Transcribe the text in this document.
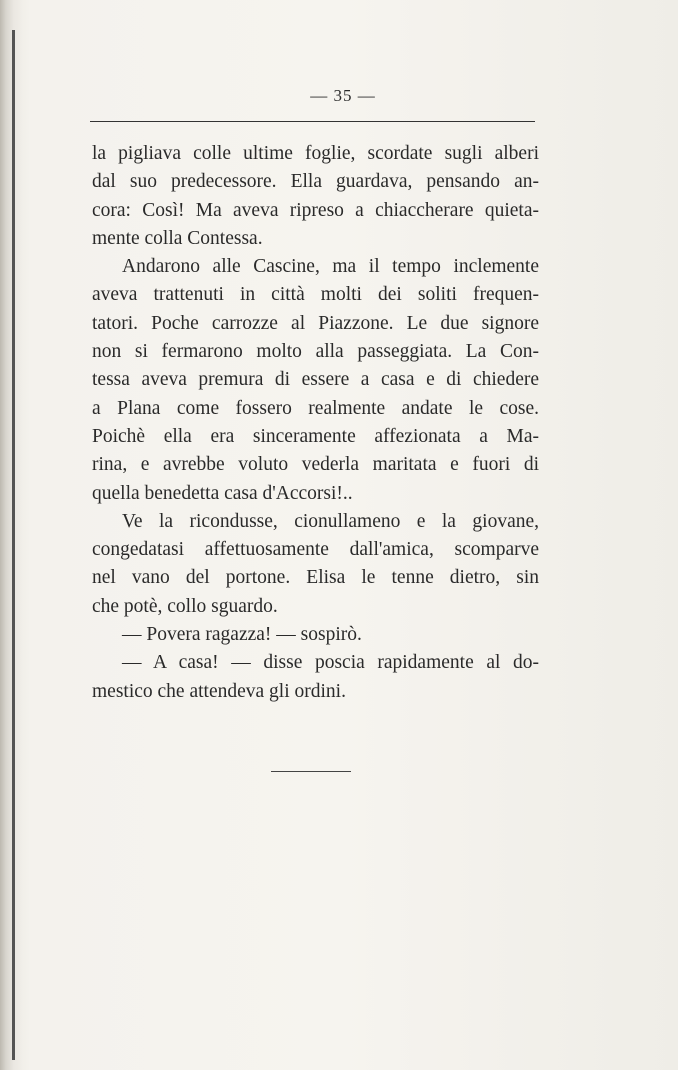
— 35 —
la pigliava colle ultime foglie, scordate sugli alberi
dal suo predecessore. Ella guardava, pensando an-
cora: Così! Ma aveva ripreso a chiaccherare quieta-
mente colla Contessa.
Andarono alle Cascine, ma il tempo inclemente
aveva trattenuti in città molti dei soliti frequen-
tatori. Poche carrozze al Piazzone. Le due signore
non si fermarono molto alla passeggiata. La Con-
tessa aveva premura di essere a casa e di chiedere
a Plana come fossero realmente andate le cose.
Poichè ella era sinceramente affezionata a Ma-
rina, e avrebbe voluto vederla maritata e fuori di
quella benedetta casa d'Accorsi!..
Ve la ricondusse, cionullameno e la giovane,
congedatasi affettuosamente dall'amica, scomparve
nel vano del portone. Elisa le tenne dietro, sin
che potè, collo sguardo.
— Povera ragazza! — sospirò.
— A casa! — disse poscia rapidamente al do-
mestico che attendeva gli ordini.
